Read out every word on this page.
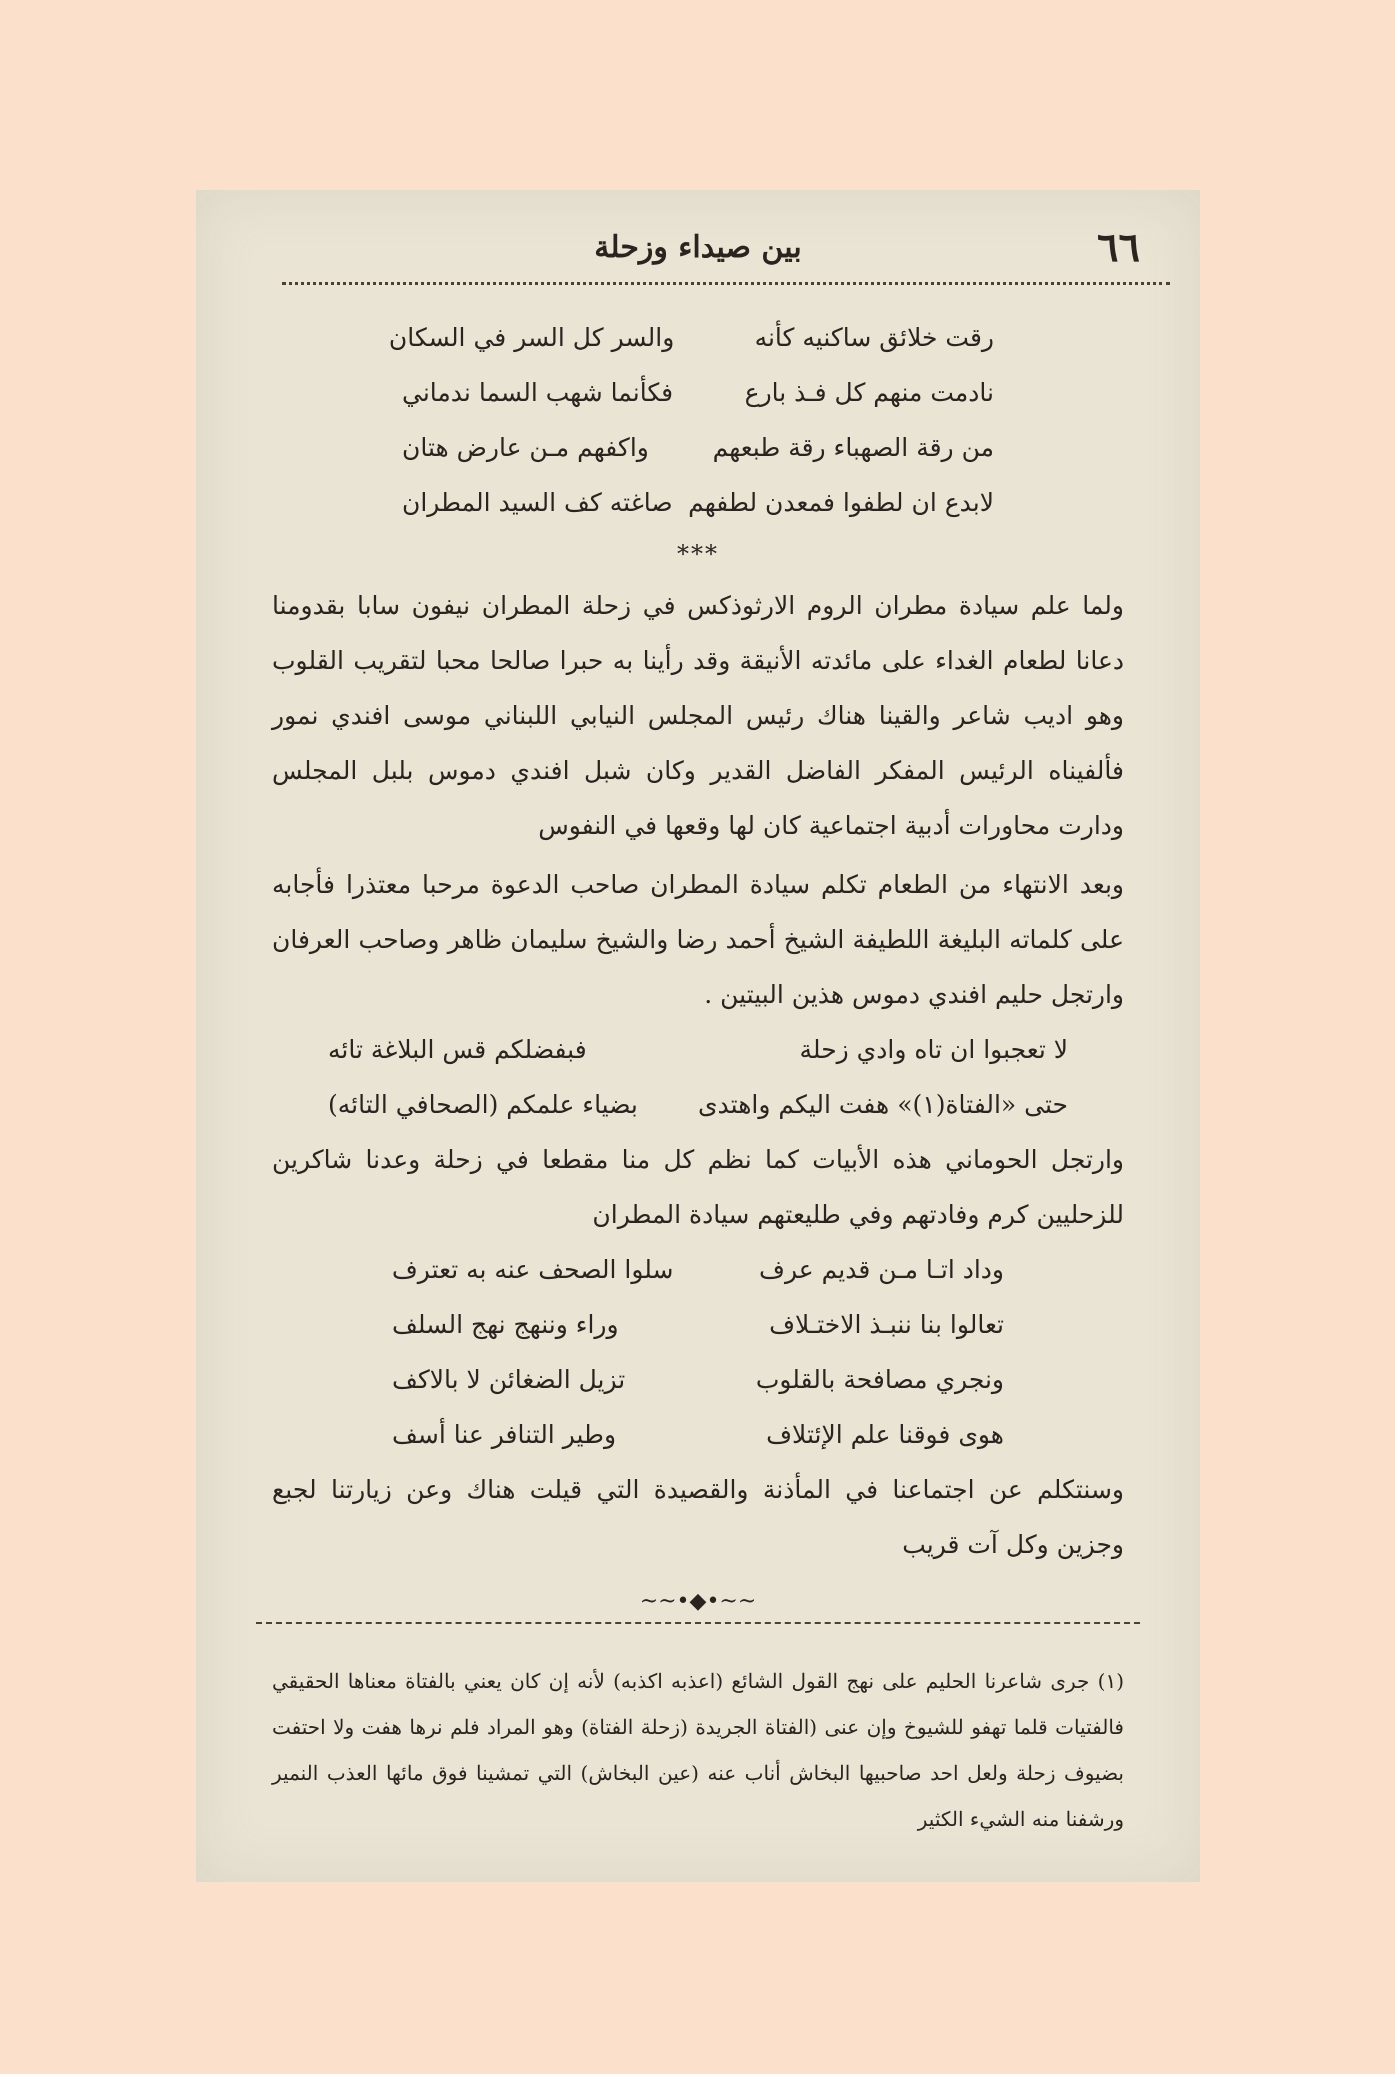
٦٦
بين صيداء وزحلة
رقت خلائق ساكنيه كأنه
والسر كل السر في السكان
نادمت منهم كل فـذ بارع
فكأنما شهب السما ندماني
من رقة الصهباء رقة طبعهم
واكفهم مـن عارض هتان
لابدع ان لطفوا فمعدن لطفهم
صاغته كف السيد المطران
***

ولما علم سيادة مطران الروم الارثوذكس في زحلة المطران نيفون سابا بقدومنا دعانا لطعام الغداء على مائدته الأنيقة وقد رأينا به حبرا صالحا محبا لتقريب القلوب وهو اديب شاعر والقينا هناك رئيس المجلس النيابي اللبناني موسى افندي نمور فألفيناه الرئيس المفكر الفاضل القدير وكان شبل افندي دموس بلبل المجلس ودارت محاورات أدبية اجتماعية كان لها وقعها في النفوس

وبعد الانتهاء من الطعام تكلم سيادة المطران صاحب الدعوة مرحبا معتذرا فأجابه على كلماته البليغة اللطيفة الشيخ أحمد رضا والشيخ سليمان ظاهر وصاحب العرفان وارتجل حليم افندي دموس هذين البيتين .

لا تعجبوا ان تاه وادي زحلة
فبفضلكم قس البلاغة تائه
حتى «الفتاة(١)» هفت اليكم واهتدى
بضياء علمكم (الصحافي التائه)

وارتجل الحوماني هذه الأبيات كما نظم كل منا مقطعا في زحلة وعدنا شاكرين للزحليين كرم وفادتهم وفي طليعتهم سيادة المطران

وداد اتـا مـن قديم عرف
سلوا الصحف عنه به تعترف
تعالوا بنا ننبـذ الاختـلاف
وراء وننهج نهج السلف
ونجري مصافحة بالقلوب
تزيل الضغائن لا بالاكف
هوى فوقنا علم الإئتلاف
وطير التنافر عنا أسف

وسنتكلم عن اجتماعنا في المأذنة والقصيدة التي قيلت هناك وعن زيارتنا لجبع وجزين وكل آت قريب

~~•◆•~~

(١) جرى شاعرنا الحليم على نهج القول الشائع (اعذبه اكذبه) لأنه إن كان يعني بالفتاة معناها الحقيقي فالفتيات قلما تهفو للشيوخ وإن عنى (الفتاة الجريدة (زحلة الفتاة) وهو المراد فلم نرها هفت ولا احتفت بضيوف زحلة ولعل احد صاحبيها البخاش أناب عنه (عين البخاش) التي تمشينا فوق مائها العذب النمير ورشفنا منه الشيء الكثير
